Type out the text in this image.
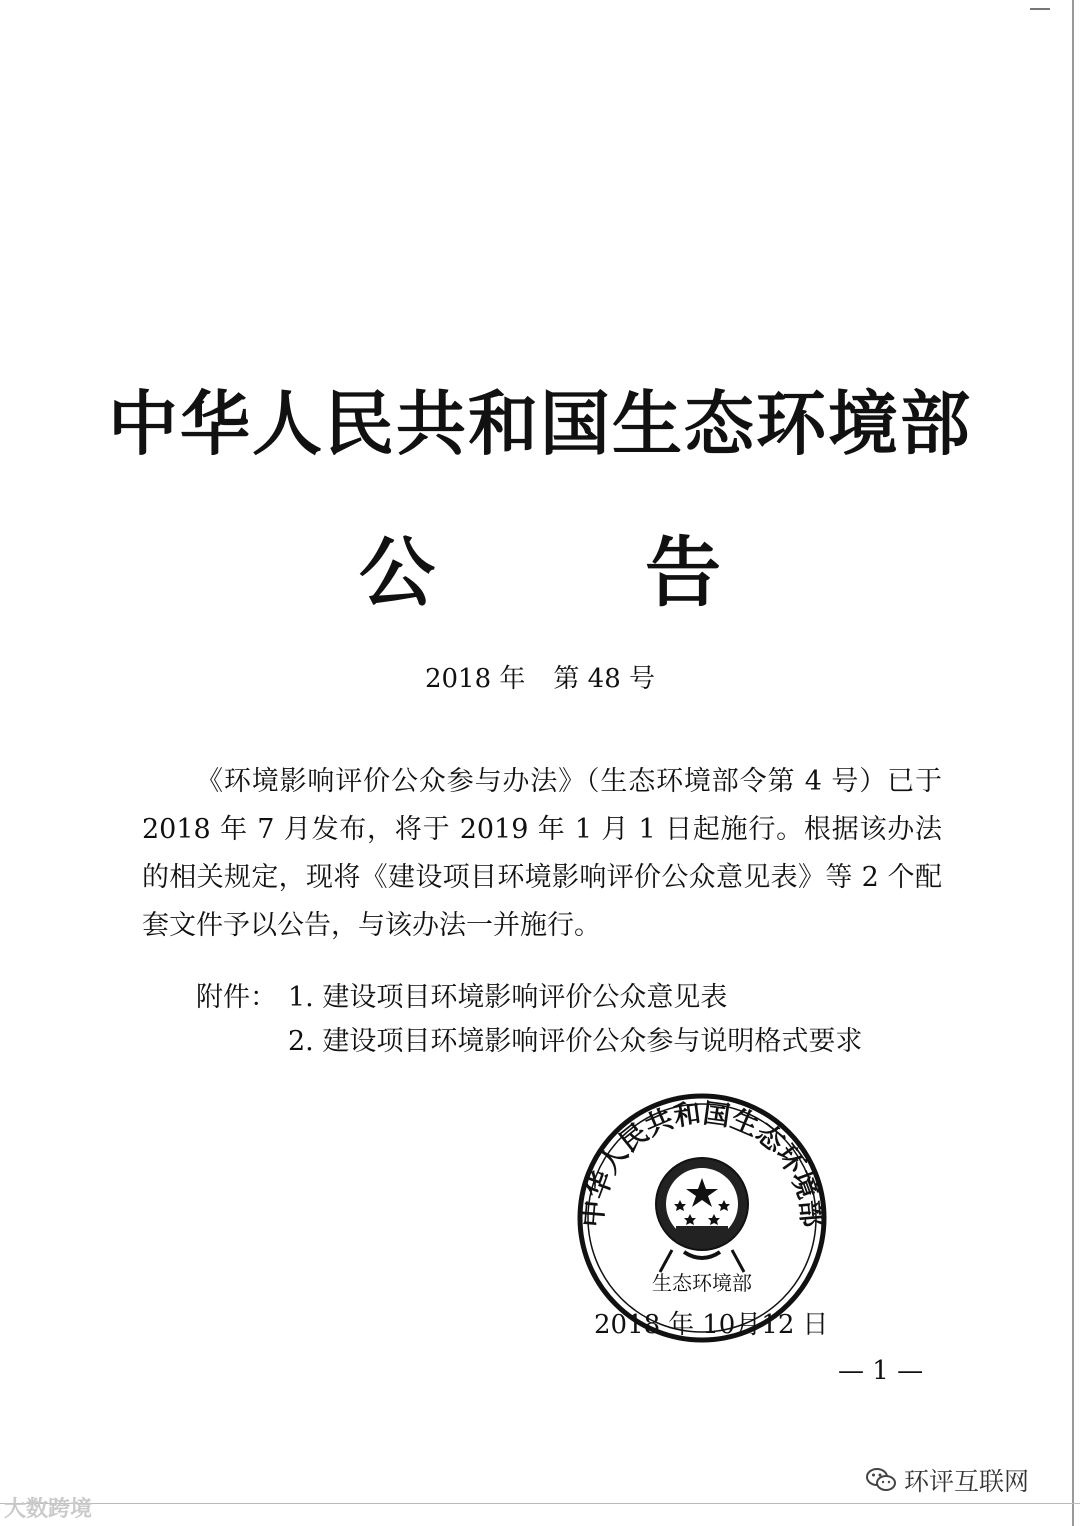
中华人民共和国生态环境部
公	告
2018 年 第 48 号

《环境影响评价公众参与办法》（生态环境部令第 4 号）已于 2018 年 7 月发布，将于 2019 年 1 月 1 日起施行。根据该办法的相关规定，现将《建设项目环境影响评价公众意见表》等 2 个配套文件予以公告，与该办法一并施行。

附件： 1. 建设项目环境影响评价公众意见表
2. 建设项目环境影响评价公众参与说明格式要求
中华人民共和国生态环境部
生态环境部
2018 年 10月12 日
— 1 —
大数跨境
环评互联网
